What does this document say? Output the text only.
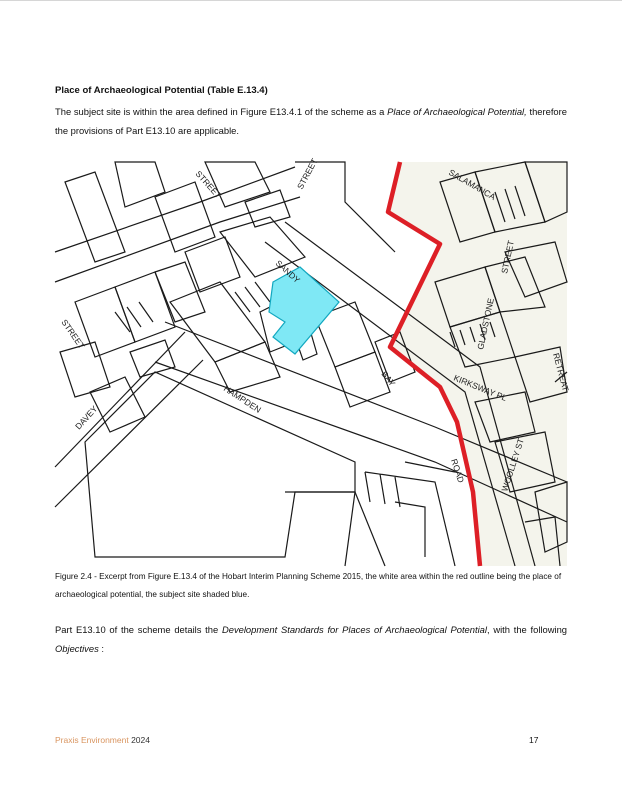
Place of Archaeological Potential (Table E.13.4)
The subject site is within the area defined in Figure E13.4.1 of the scheme as a Place of Archaeological Potential, therefore the provisions of Part E13.10 are applicable.
STREET	STREET	SALAMANCA
SANDY	STREET
GLADSTONE
STREET
DAVEY
HAMPDEN
BAY	KIRKSWAY PL
ROAD	WOOLLEY ST
RETREAT
Figure 2.4 - Excerpt from Figure E.13.4 of the Hobart Interim Planning Scheme 2015, the white area within the red outline being the place of archaeological potential, the subject site shaded blue.
Part E13.10 of the scheme details the Development Standards for Places of Archaeological Potential, with the following Objectives :
Praxis Environment 2024	17
